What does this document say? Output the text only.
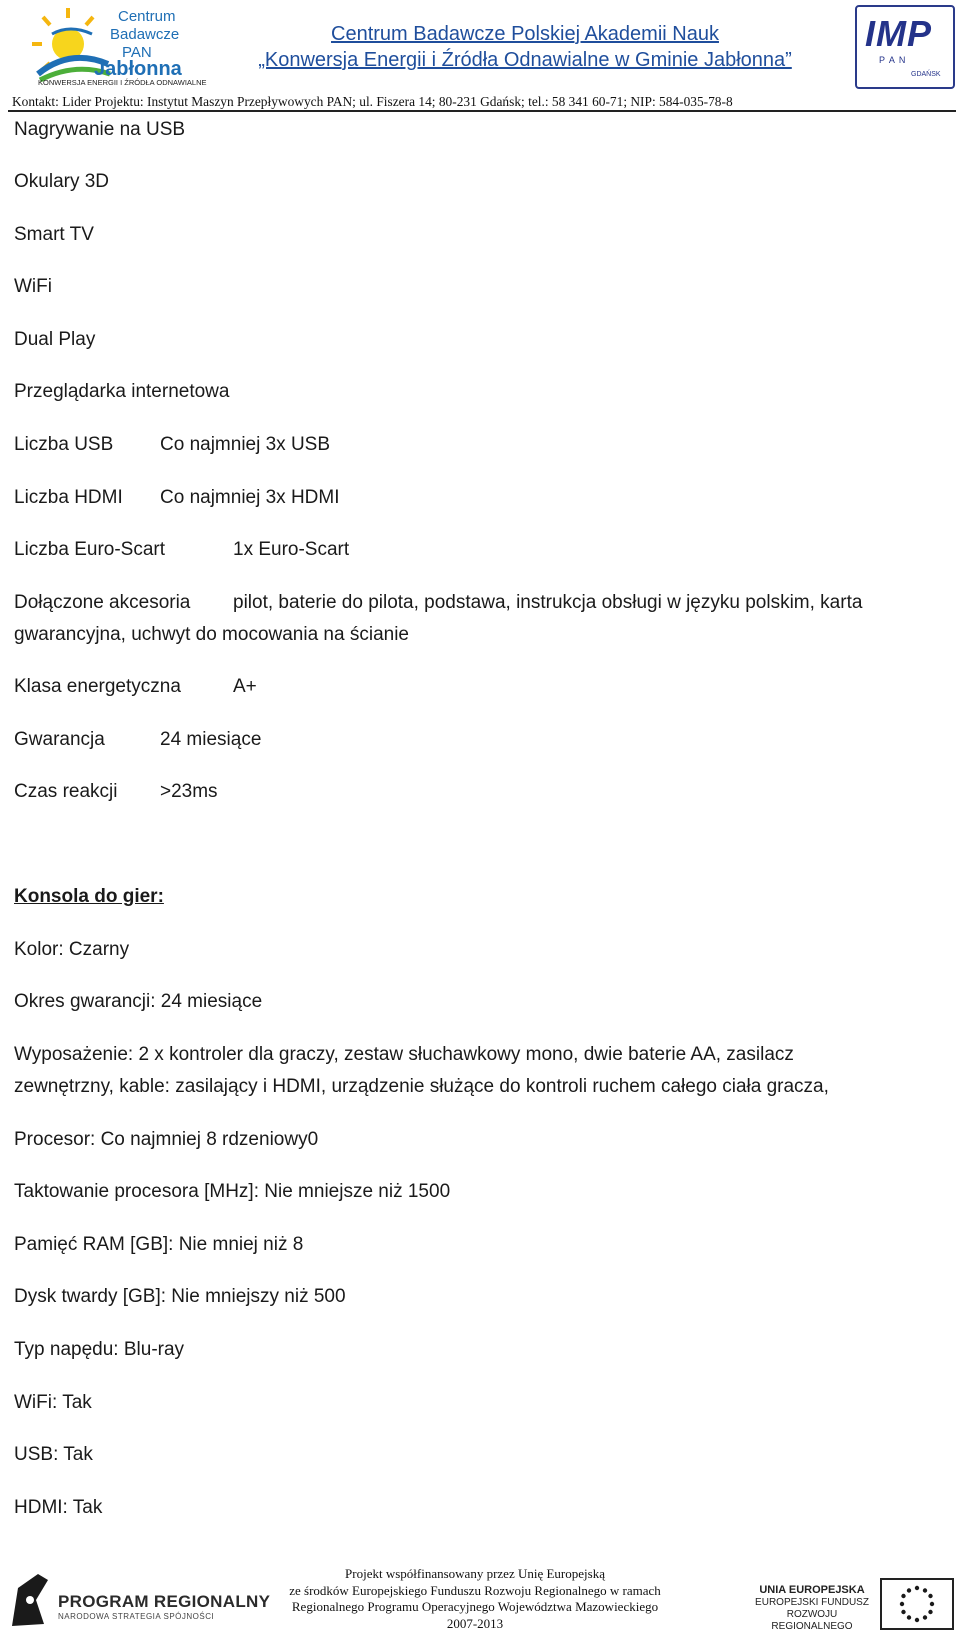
Centrum
Badawcze
PAN
Jabłonna
KONWERSJA ENERGII I ŹRÓDŁA ODNAWIALNE
Centrum Badawcze Polskiej Akademii Nauk
„Konwersja Energii i Źródła Odnawialne w Gminie Jabłonna”
IMP
P A N
GDAŃSK
Kontakt: Lider Projektu: Instytut Maszyn Przepływowych PAN; ul. Fiszera 14; 80-231 Gdańsk; tel.: 58 341 60-71; NIP: 584-035-78-8
Nagrywanie na USB
Okulary 3D
Smart TV
WiFi
Dual Play
Przeglądarka internetowa
Liczba USB Co najmniej 3x USB
Liczba HDMI Co najmniej 3x HDMI
Liczba Euro-Scart	1x Euro-Scart
Dołączone akcesoria pilot, baterie do pilota, podstawa, instrukcja obsługi w języku polskim, karta
gwarancyjna, uchwyt do mocowania na ścianie
Klasa energetyczna	A+
Gwarancja	24 miesiące
Czas reakcji >23ms
Konsola do gier:
Kolor: Czarny
Okres gwarancji: 24 miesiące
Wyposażenie: 2 x kontroler dla graczy, zestaw słuchawkowy mono, dwie baterie AA, zasilacz
zewnętrzny, kable: zasilający i HDMI, urządzenie służące do kontroli ruchem całego ciała gracza,
Procesor: Co najmniej 8 rdzeniowy0
Taktowanie procesora [MHz]: Nie mniejsze niż 1500
Pamięć RAM [GB]: Nie mniej niż 8
Dysk twardy [GB]: Nie mniejszy niż 500
Typ napędu: Blu-ray
WiFi: Tak
USB: Tak
HDMI: Tak
PROGRAM REGIONALNY
NARODOWA STRATEGIA SPÓJNOŚCI
Projekt współfinansowany przez Unię Europejską
ze środków Europejskiego Funduszu Rozwoju Regionalnego w ramach
Regionalnego Programu Operacyjnego Województwa Mazowieckiego
2007-2013
UNIA EUROPEJSKA
EUROPEJSKI FUNDUSZ
ROZWOJU REGIONALNEGO
